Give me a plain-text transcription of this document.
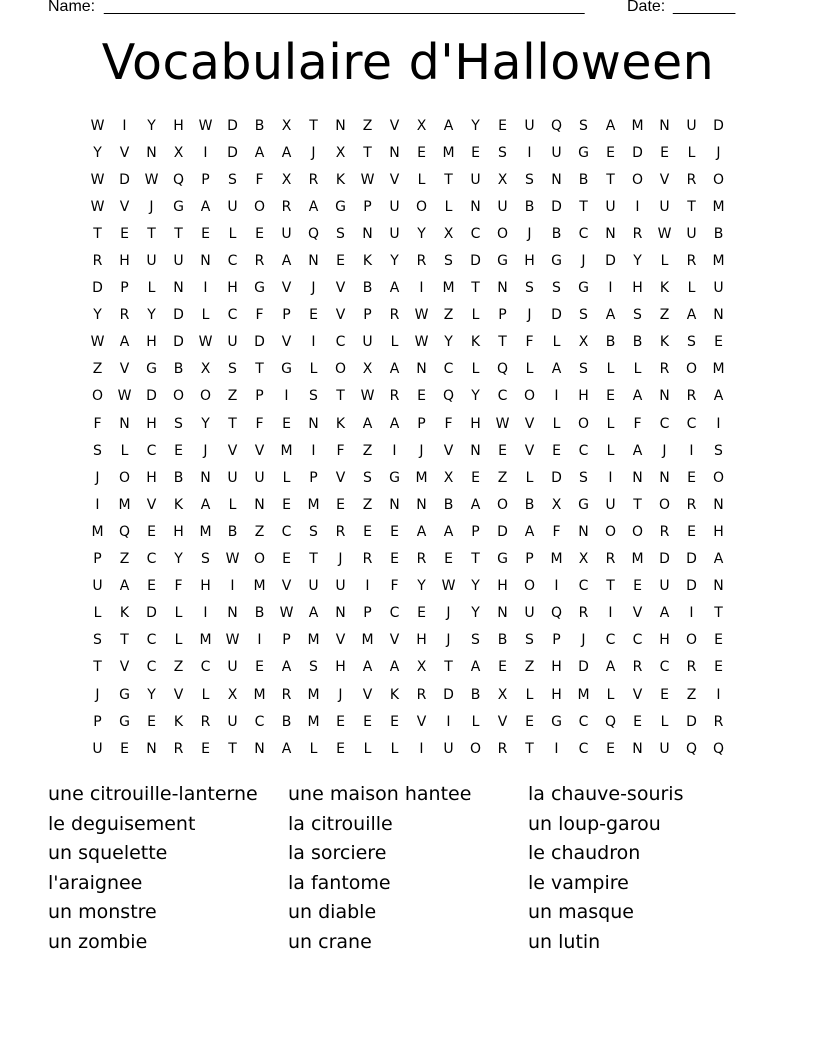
Name: ______________________________________________________	Date: _______
Vocabulaire d'Halloween
W	I	Y	H	W	D	B	X	T	N	Z	V	X	A	Y	E	U	Q	S	A	M	N	U	D
Y	V	N	X	I	D	A	A	J	X	T	N	E	M	E	S	I	U	G	E	D	E	L	J
W	D	W	Q	P	S	F	X	R	K	W	V	L	T	U	X	S	N	B	T	O	V	R	O
W	V	J	G	A	U	O	R	A	G	P	U	O	L	N	U	B	D	T	U	I	U	T	M
T	E	T	T	E	L	E	U	Q	S	N	U	Y	X	C	O	J	B	C	N	R	W	U	B
R	H	U	U	N	C	R	A	N	E	K	Y	R	S	D	G	H	G	J	D	Y	L	R	M
D	P	L	N	I	H	G	V	J	V	B	A	I	M	T	N	S	S	G	I	H	K	L	U
Y	R	Y	D	L	C	F	P	E	V	P	R	W	Z	L	P	J	D	S	A	S	Z	A	N
W	A	H	D	W	U	D	V	I	C	U	L	W	Y	K	T	F	L	X	B	B	K	S	E
Z	V	G	B	X	S	T	G	L	O	X	A	N	C	L	Q	L	A	S	L	L	R	O	M
O	W	D	O	O	Z	P	I	S	T	W	R	E	Q	Y	C	O	I	H	E	A	N	R	A
F	N	H	S	Y	T	F	E	N	K	A	A	P	F	H	W	V	L	O	L	F	C	C	I
S	L	C	E	J	V	V	M	I	F	Z	I	J	V	N	E	V	E	C	L	A	J	I	S
J	O	H	B	N	U	U	L	P	V	S	G	M	X	E	Z	L	D	S	I	N	N	E	O
I	M	V	K	A	L	N	E	M	E	Z	N	N	B	A	O	B	X	G	U	T	O	R	N
M	Q	E	H	M	B	Z	C	S	R	E	E	A	A	P	D	A	F	N	O	O	R	E	H
P	Z	C	Y	S	W	O	E	T	J	R	E	R	E	T	G	P	M	X	R	M	D	D	A
U	A	E	F	H	I	M	V	U	U	I	F	Y	W	Y	H	O	I	C	T	E	U	D	N
L	K	D	L	I	N	B	W	A	N	P	C	E	J	Y	N	U	Q	R	I	V	A	I	T
S	T	C	L	M	W	I	P	M	V	M	V	H	J	S	B	S	P	J	C	C	H	O	E
T	V	C	Z	C	U	E	A	S	H	A	A	X	T	A	E	Z	H	D	A	R	C	R	E
J	G	Y	V	L	X	M	R	M	J	V	K	R	D	B	X	L	H	M	L	V	E	Z	I
P	G	E	K	R	U	C	B	M	E	E	E	V	I	L	V	E	G	C	Q	E	L	D	R
U	E	N	R	E	T	N	A	L	E	L	L	I	U	O	R	T	I	C	E	N	U	Q	Q
une citrouille-lanterne
le deguisement
un squelette
l'araignee
un monstre
un zombie
une maison hantee
la citrouille
la sorciere
la fantome
un diable
un crane
la chauve-souris
un loup-garou
le chaudron
le vampire
un masque
un lutin
